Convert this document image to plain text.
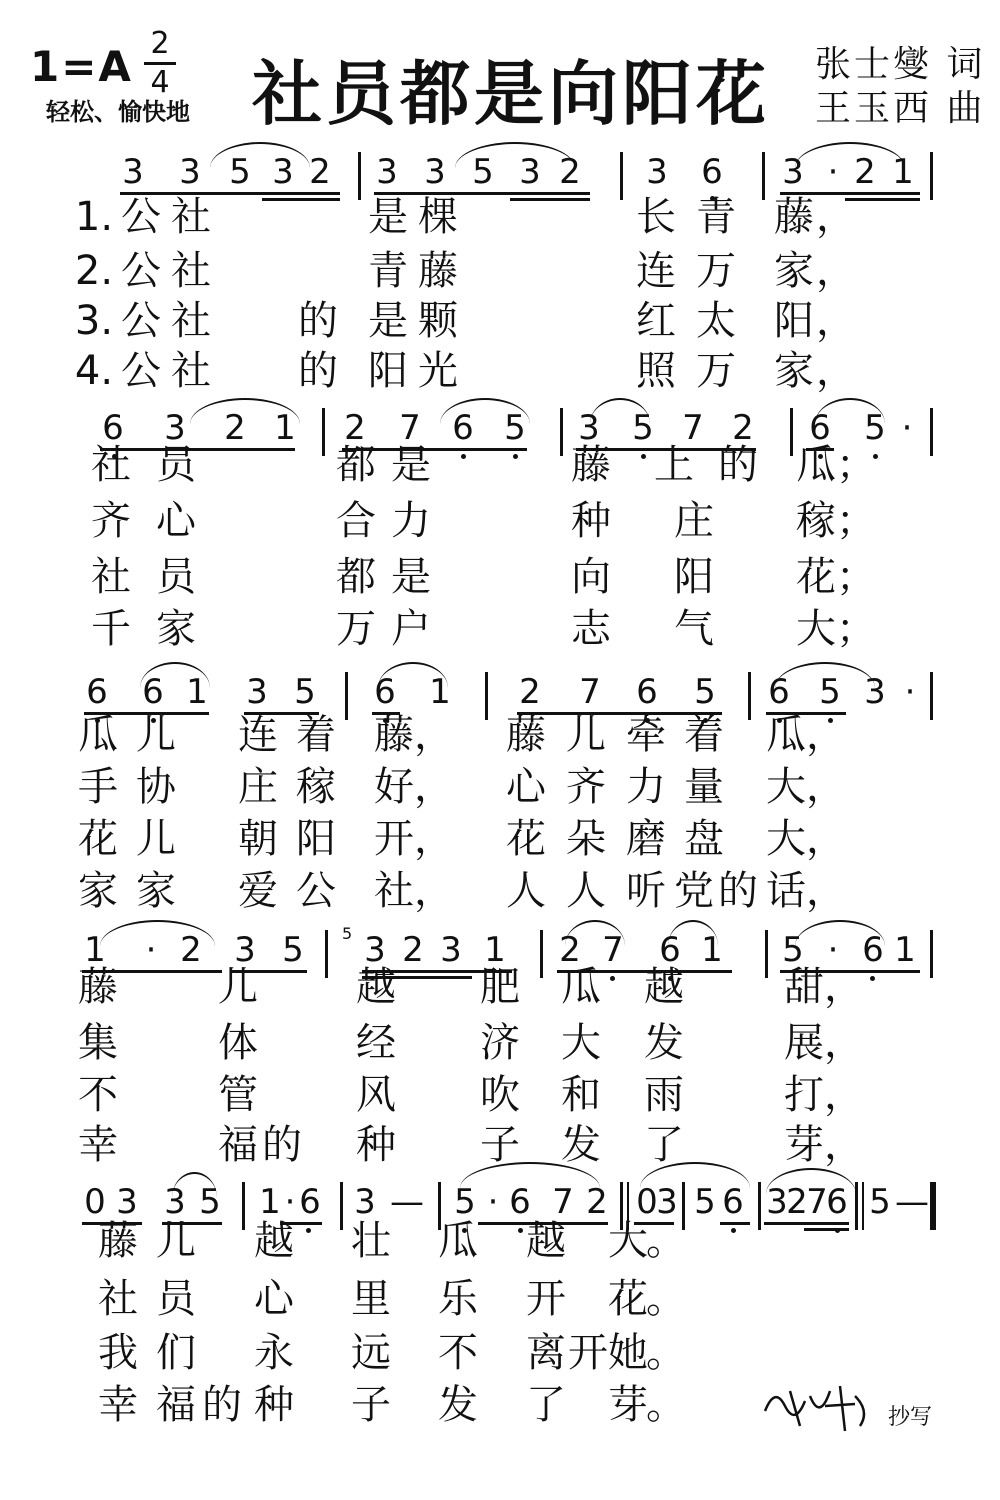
1=A 2
4
轻松、愉快地 社员都是向阳花 张士燮 词
王玉西 曲
3 3 5 3 2 3 3 5 3 2 3 6 3 · 2 1
1. 公 社	是 棵	长 青 藤 ，
2. 公 社	青 藤	连 万 家 ，
3. 公 社 的 是 颗	红 太 阳 ，
4. 公 社 的 阳 光	照 万 家 ，
6 3 2 1 2 7 6 5 3 5 7 2 6 5 ·
社 员	都 是	藤 上 的 瓜 ；
齐 心	合 力	种 庄 稼 ；
社 员	都 是	向 阳 花 ；
千 家	万 户	志 气 大 ；
6 6 1 3 5 6 1 2 7 6 5 6 5 3 ·
瓜 儿 连 着 藤 ， 藤 儿 牵 着 瓜 ，
手 协 庄 稼 好 ， 心 齐 力 量 大 ，
花 儿 朝 阳 开 ， 花 朵 磨 盘 大 ，
家 家 爱 公 社 ， 人 人 听 党 的 话 ，
1 · 2 3 5 5 3 2 3 1 2 7 6 1 5 · 6 1
藤	儿 越 肥 瓜 越	甜 ，
集	体 经 济 大 发	展 ，
不	管 风 吹 和 雨	打 ，
幸	福 的 种 子 发 了	芽 ，
0 3 3 5 1 · 6 3 — 5 · 6 7 2 0
3 5 6 3
2
7
6 5 —
藤 儿 越 壮 瓜 越 大
。
社 员 心 里 乐 开 花
。
我 们 永 远 不 离 开 她
。
幸 福 的 种 子 发 了 芽
。	抄写
